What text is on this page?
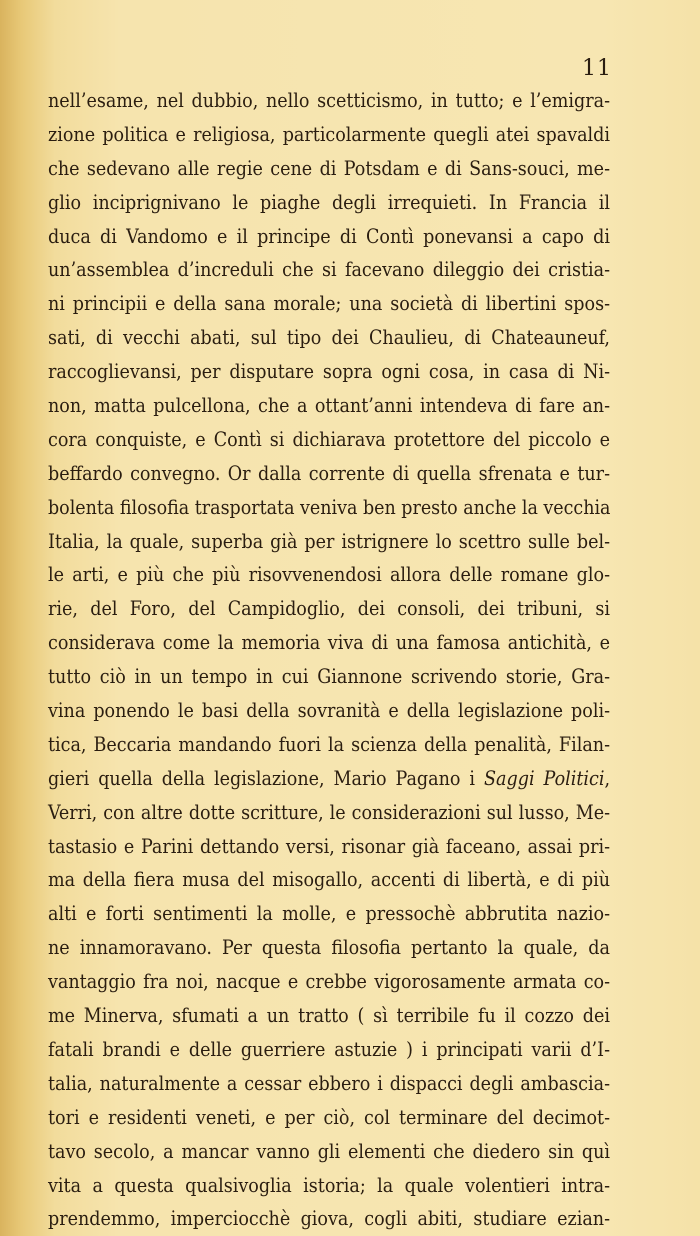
11
nell’esame, nel dubbio, nello scetticismo, in tutto; e l’emigra-
zione politica e religiosa, particolarmente quegli atei spavaldi
che sedevano alle regie cene di Potsdam e di Sans-souci, me-
glio inciprignivano le piaghe degli irrequieti. In Francia il
duca di Vandomo e il principe di Contì ponevansi a capo di
un’assemblea d’increduli che si facevano dileggio dei cristia-
ni principii e della sana morale; una società di libertini spos-
sati, di vecchi abati, sul tipo dei Chaulieu, di Chateauneuf,
raccoglievansi, per disputare sopra ogni cosa, in casa di Ni-
non, matta pulcellona, che a ottant’anni intendeva di fare an-
cora conquiste, e Contì si dichiarava protettore del piccolo e
beffardo convegno. Or dalla corrente di quella sfrenata e tur-
bolenta filosofia trasportata veniva ben presto anche la vecchia
Italia, la quale, superba già per istrignere lo scettro sulle bel-
le arti, e più che più risovvenendosi allora delle romane glo-
rie, del Foro, del Campidoglio, dei consoli, dei tribuni, si
considerava come la memoria viva di una famosa antichità, e
tutto ciò in un tempo in cui Giannone scrivendo storie, Gra-
vina ponendo le basi della sovranità e della legislazione poli-
tica, Beccaria mandando fuori la scienza della penalità, Filan-
gieri quella della legislazione, Mario Pagano i Saggi Politici,
Verri, con altre dotte scritture, le considerazioni sul lusso, Me-
tastasio e Parini dettando versi, risonar già faceano, assai pri-
ma della fiera musa del misogallo, accenti di libertà, e di più
alti e forti sentimenti la molle, e pressochè abbrutita nazio-
ne innamoravano. Per questa filosofia pertanto la quale, da
vantaggio fra noi, nacque e crebbe vigorosamente armata co-
me Minerva, sfumati a un tratto ( sì terribile fu il cozzo dei
fatali brandi e delle guerriere astuzie ) i principati varii d’I-
talia, naturalmente a cessar ebbero i dispacci degli ambascia-
tori e residenti veneti, e per ciò, col terminare del decimot-
tavo secolo, a mancar vanno gli elementi che diedero sin quì
vita a questa qualsivoglia istoria; la quale volentieri intra-
prendemmo, imperciocchè giova, cogli abiti, studiare ezian-
